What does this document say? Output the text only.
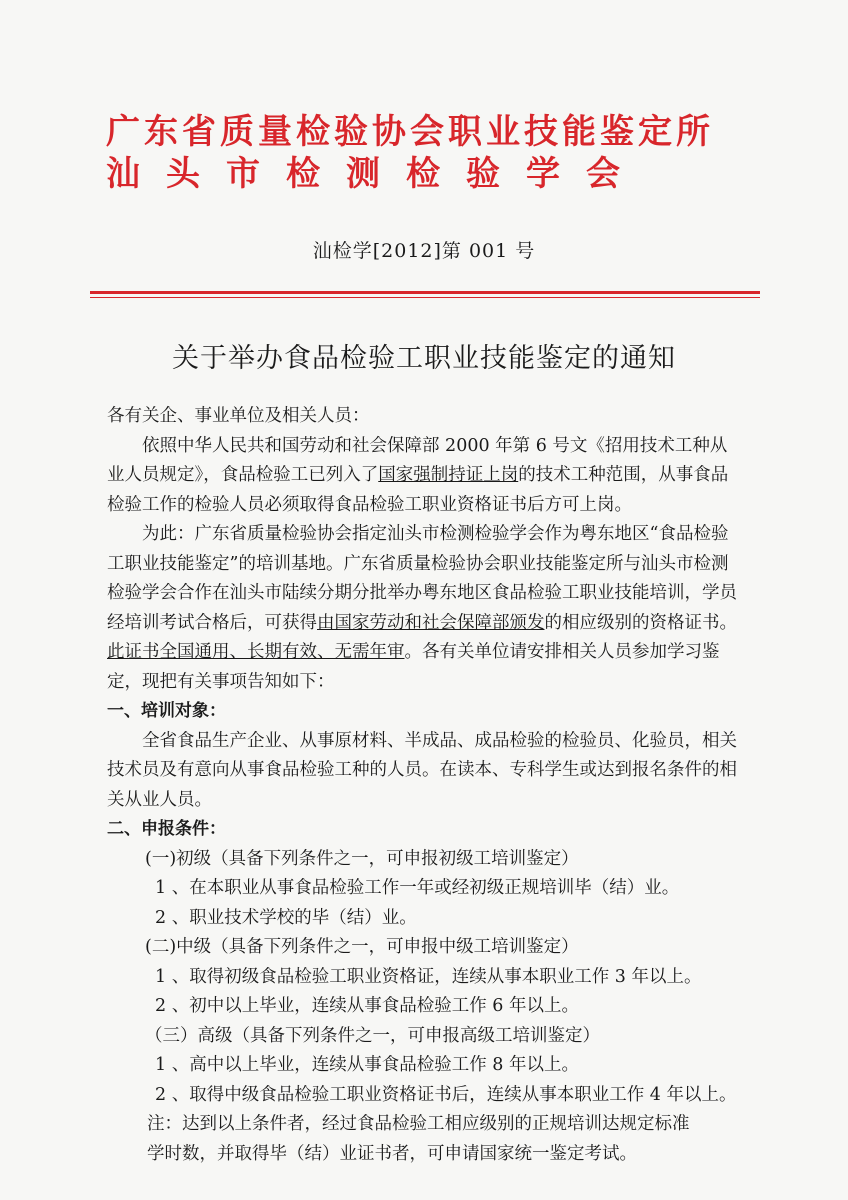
广东省质量检验协会职业技能鉴定所
汕头市检测检验学会
汕检学[2012]第 001 号
关于举办食品检验工职业技能鉴定的通知

各有关企、事业单位及相关人员：

依照中华人民共和国劳动和社会保障部 2000 年第 6 号文《招用技术工种从业人员规定》，食品检验工已列入了国家强制持证上岗的技术工种范围，从事食品检验工作的检验人员必须取得食品检验工职业资格证书后方可上岗。

为此：广东省质量检验协会指定汕头市检测检验学会作为粤东地区“食品检验工职业技能鉴定”的培训基地。广东省质量检验协会职业技能鉴定所与汕头市检测检验学会合作在汕头市陆续分期分批举办粤东地区食品检验工职业技能培训，学员经培训考试合格后，可获得由国家劳动和社会保障部颁发的相应级别的资格证书。此证书全国通用、长期有效、无需年审。各有关单位请安排相关人员参加学习鉴定，现把有关事项告知如下：

一、培训对象：

全省食品生产企业、从事原材料、半成品、成品检验的检验员、化验员，相关技术员及有意向从事食品检验工种的人员。在读本、专科学生或达到报名条件的相关从业人员。

二、申报条件：

(一)初级（具备下列条件之一，可申报初级工培训鉴定）

1 、在本职业从事食品检验工作一年或经初级正规培训毕（结）业。

2 、职业技术学校的毕（结）业。

(二)中级（具备下列条件之一，可申报中级工培训鉴定）

1 、取得初级食品检验工职业资格证，连续从事本职业工作 3 年以上。

2 、初中以上毕业，连续从事食品检验工作 6 年以上。

（三）高级（具备下列条件之一，可申报高级工培训鉴定）

1 、高中以上毕业，连续从事食品检验工作 8 年以上。

2 、取得中级食品检验工职业资格证书后，连续从事本职业工作 4 年以上。

注：达到以上条件者，经过食品检验工相应级别的正规培训达规定标准

学时数，并取得毕（结）业证书者，可申请国家统一鉴定考试。
